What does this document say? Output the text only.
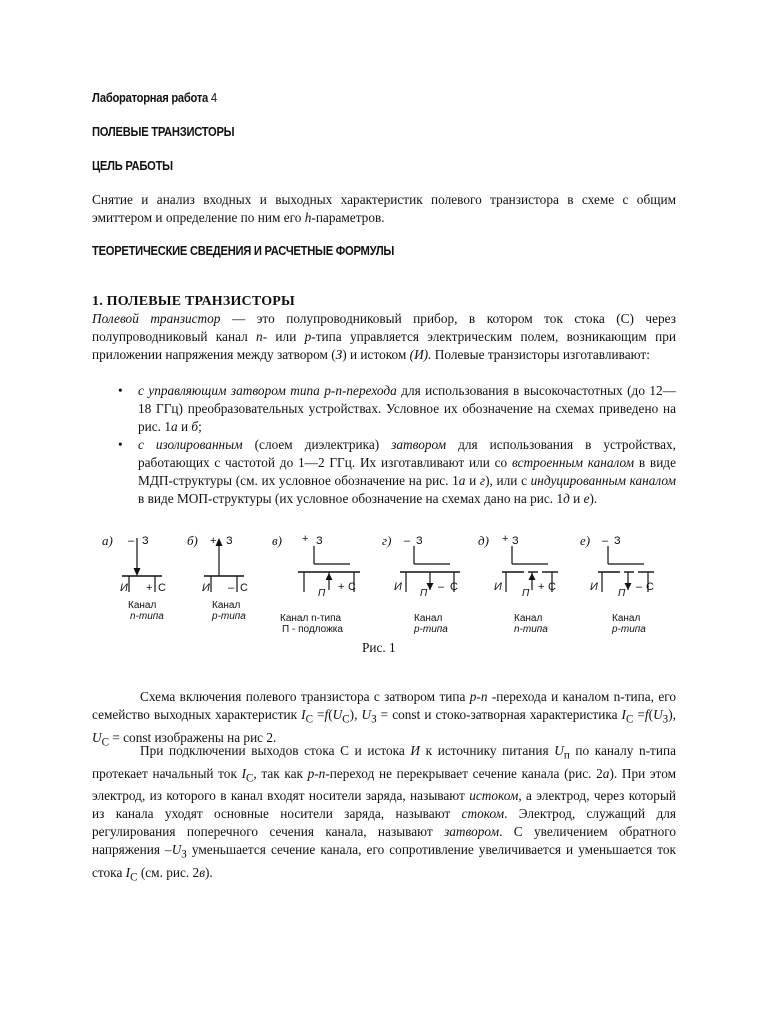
Лабораторная работа 4
ПОЛЕВЫЕ ТРАНЗИСТОРЫ
ЦЕЛЬ РАБОТЫ

Снятие и анализ входных и выходных характеристик полевого транзистора в схеме с общим эмиттером и определение по ним его h-параметров.

ТЕОРЕТИЧЕСКИЕ СВЕДЕНИЯ И РАСЧЕТНЫЕ ФОРМУЛЫ
1. ПОЛЕВЫЕ ТРАНЗИСТОРЫ

Полевой транзистор — это полупроводниковый прибор, в котором ток стока (С) через полупроводниковый канал n- или p-типа управляется электрическим полем, возникающим при приложении напряжения между затвором (З) и истоком (И). Полевые транзисторы изготавливают:

• с управляющим затвором типа p-n-перехода для использования в высокочастотных (до 12—18 ГГц) преобразовательных устройствах. Условное их обозначение на схемах приведено на рис. 1а и б;
• с изолированным (слоем диэлектрика) затвором для использования в устройствах, работающих с частотой до 1—2 ГГц. Их изготавливают или со встроенным каналом в виде МДП-структуры (см. их условное обозначение на рис. 1а и г), или с индуцированным каналом в виде МОП-структуры (их условное обозначение на схемах дано на рис. 1д и е).
а) – З
И + С
Канал
n-типа
б) + З
И – С
Канал
p-типа
в) + З
П
+ С
Канал n-типа
П - подложка
г) – З
И
П
– С
Канал
p-типа
д) + З
И
П
+ С
Канал
n-типа
е) – З
И
П
– С
Канал
p-типа
Рис. 1

Схема включения полевого транзистора с затвором типа p-n -перехода и каналом n-типа, его семейство выходных характеристик $I_С =f(U_С)$, $U_З$ = const и стоко-затворная характеристика $I_С =f(U_З)$, $U_С$ = const изображены на рис 2.

При подключении выходов стока С и истока И к источнику питания $U_п$ по каналу n-типа протекает начальный ток $I_С$, так как p-n-переход не перекрывает сечение канала (рис. 2а). При этом электрод, из которого в канал входят носители заряда, называют истоком, а электрод, через который из канала уходят основные носители заряда, называют стоком. Электрод, служащий для регулирования поперечного сечения канала, называют затвором. С увеличением обратного напряжения $-U_З$ уменьшается сечение канала, его сопротивление увеличивается и уменьшается ток стока $I_С$ (см. рис. 2в).
